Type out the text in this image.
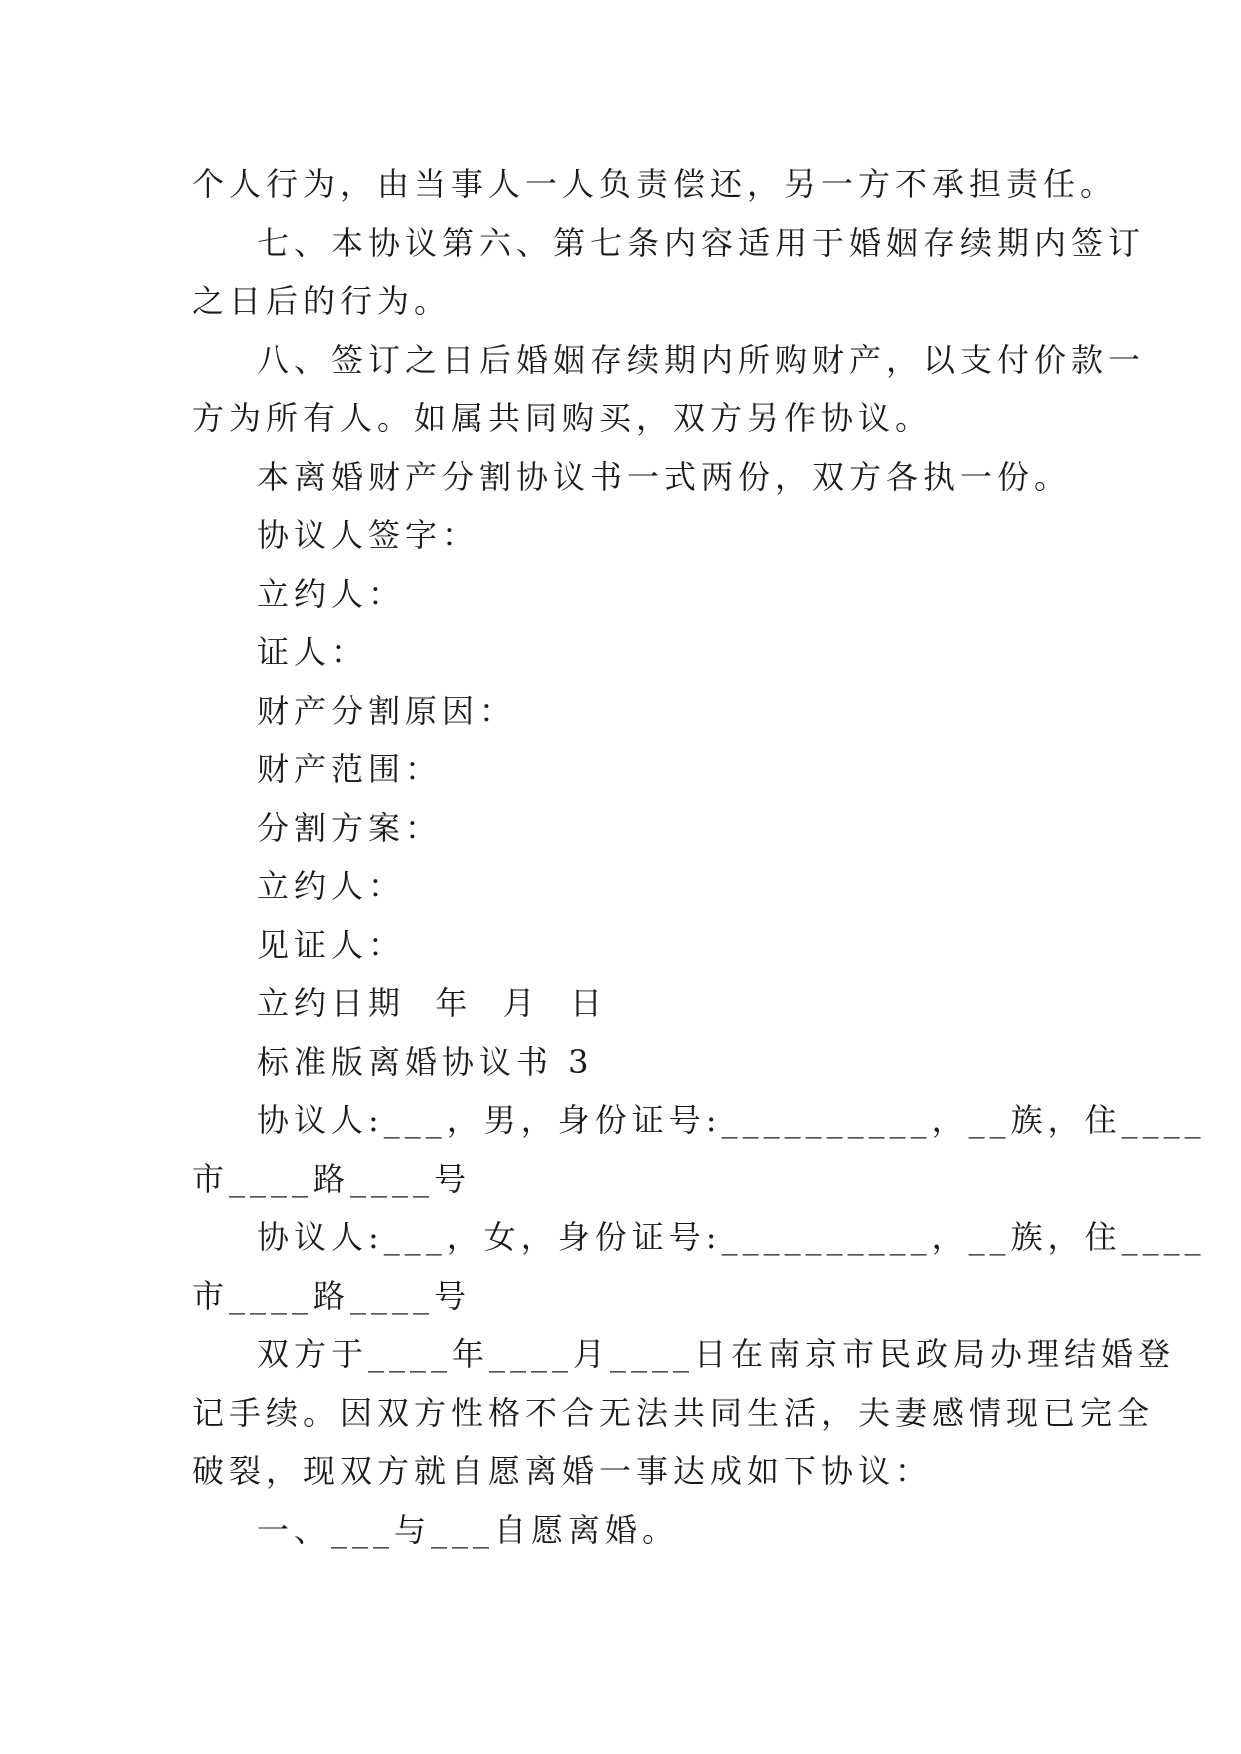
个人行为，由当事人一人负责偿还，另一方不承担责任。
七、本协议第六、第七条内容适用于婚姻存续期内签订
之日后的行为。
八、签订之日后婚姻存续期内所购财产，以支付价款一
方为所有人。如属共同购买，双方另作协议。
本离婚财产分割协议书一式两份，双方各执一份。
协议人签字：
立约人：
证人：
财产分割原因：
财产范围：
分割方案：
立约人：
见证人：
立约日期  年  月  日
标准版离婚协议书 3
协议人:___，男，身份证号:__________，__族，住____
市____路____号
协议人:___，女，身份证号:__________，__族，住____
市____路____号
双方于____年____月____日在南京市民政局办理结婚登
记手续。因双方性格不合无法共同生活，夫妻感情现已完全
破裂，现双方就自愿离婚一事达成如下协议：
一、___与___自愿离婚。
